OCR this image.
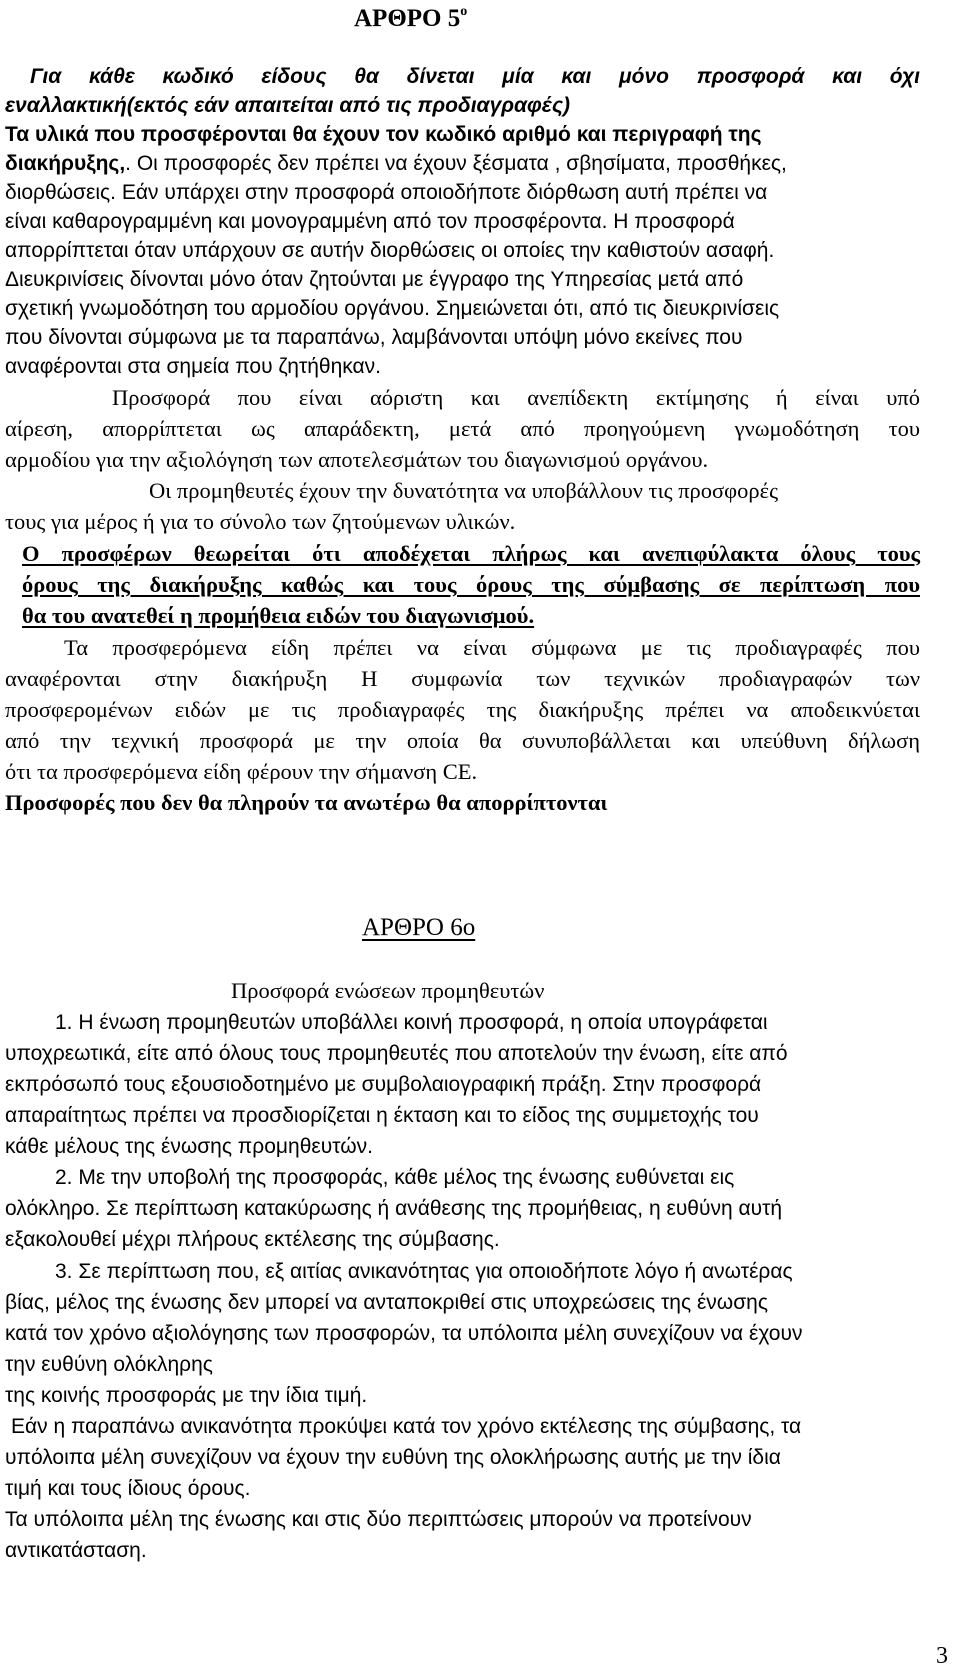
ΑΡΘΡΟ $5^o$
Για κάθε κωδικό είδους θα δίνεται μία και μόνο προσφορά και όχι
εναλλακτική(εκτός εάν απαιτείται από τις προδιαγραφές)
Τα υλικά που προσφέρονται θα έχουν τον κωδικό αριθμό και περιγραφή της
διακήρυξης,. Οι προσφορές δεν πρέπει να έχουν ξέσματα , σβησίματα, προσθήκες,
διορθώσεις. Εάν υπάρχει στην προσφορά οποιοδήποτε διόρθωση αυτή πρέπει να
είναι καθαρογραμμένη και μονογραμμένη από τον προσφέροντα. Η προσφορά
απορρίπτεται όταν υπάρχουν σε αυτήν διορθώσεις οι οποίες την καθιστούν ασαφή.
Διευκρινίσεις δίνονται μόνο όταν ζητούνται με έγγραφο της Υπηρεσίας μετά από
σχετική γνωμοδότηση του αρμοδίου οργάνου. Σημειώνεται ότι, από τις διευκρινίσεις
που δίνονται σύμφωνα με τα παραπάνω, λαμβάνονται υπόψη μόνο εκείνες που
αναφέρονται στα σημεία που ζητήθηκαν.
Προσφορά που είναι αόριστη και ανεπίδεκτη εκτίμησης ή είναι υπό
αίρεση, απορρίπτεται ως απαράδεκτη, μετά από προηγούμενη γνωμοδότηση του
αρμοδίου για την αξιολόγηση των αποτελεσμάτων του διαγωνισμού οργάνου.
Οι προμηθευτές έχουν την δυνατότητα να υποβάλλουν τις προσφορές
τους για μέρος ή για το σύνολο των ζητούμενων υλικών.
Ο προσφέρων θεωρείται ότι αποδέχεται πλήρως και ανεπιφύλακτα όλους τους
όρους της διακήρυξης καθώς και τους όρους της σύμβασης σε περίπτωση που
θα του ανατεθεί η προμήθεια ειδών του διαγωνισμού.
Τα προσφερόμενα είδη πρέπει να είναι σύμφωνα με τις προδιαγραφές που
αναφέρονται στην διακήρυξη Η συμφωνία των τεχνικών προδιαγραφών των
προσφερομένων ειδών με τις προδιαγραφές της διακήρυξης πρέπει να αποδεικνύεται
από την τεχνική προσφορά με την οποία θα συνυποβάλλεται και υπεύθυνη δήλωση
ότι τα προσφερόμενα είδη φέρουν την σήμανση CE.
Προσφορές που δεν θα πληρούν τα ανωτέρω θα απορρίπτονται
ΑΡΘΡΟ 6ο
Προσφορά ενώσεων προμηθευτών
1. Η ένωση προμηθευτών υποβάλλει κοινή προσφορά, η οποία υπογράφεται
υποχρεωτικά, είτε από όλους τους προμηθευτές που αποτελούν την ένωση, είτε από
εκπρόσωπό τους εξουσιοδοτημένο με συμβολαιογραφική πράξη. Στην προσφορά
απαραίτητως πρέπει να προσδιορίζεται η έκταση και το είδος της συμμετοχής του
κάθε μέλους της ένωσης προμηθευτών.
2. Με την υποβολή της προσφοράς, κάθε μέλος της ένωσης ευθύνεται εις
ολόκληρο. Σε περίπτωση κατακύρωσης ή ανάθεσης της προμήθειας, η ευθύνη αυτή
εξακολουθεί μέχρι πλήρους εκτέλεσης της σύμβασης.
3. Σε περίπτωση που, εξ αιτίας ανικανότητας για οποιοδήποτε λόγο ή ανωτέρας
βίας, μέλος της ένωσης δεν μπορεί να ανταποκριθεί στις υποχρεώσεις της ένωσης
κατά τον χρόνο αξιολόγησης των προσφορών, τα υπόλοιπα μέλη συνεχίζουν να έχουν
την ευθύνη ολόκληρης
της κοινής προσφοράς με την ίδια τιμή.
Εάν η παραπάνω ανικανότητα προκύψει κατά τον χρόνο εκτέλεσης της σύμβασης, τα
υπόλοιπα μέλη συνεχίζουν να έχουν την ευθύνη της ολοκλήρωσης αυτής με την ίδια
τιμή και τους ίδιους όρους.
Τα υπόλοιπα μέλη της ένωσης και στις δύο περιπτώσεις μπορούν να προτείνουν
αντικατάσταση.
3
